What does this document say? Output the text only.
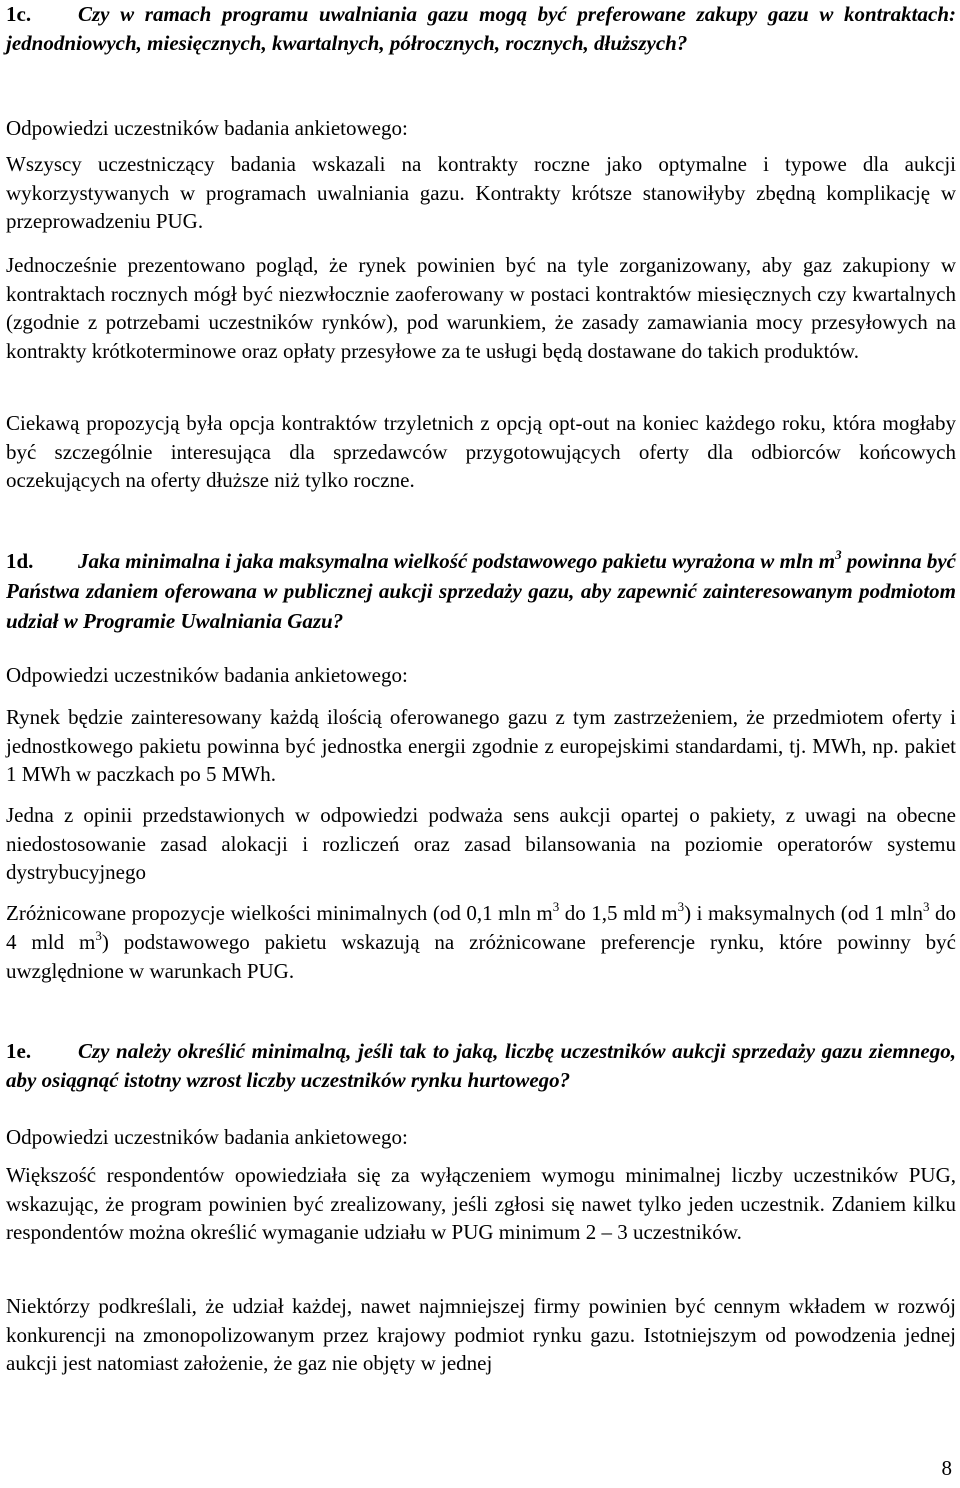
1c. Czy w ramach programu uwalniania gazu mogą być preferowane zakupy gazu w kontraktach: jednodniowych, miesięcznych, kwartalnych, półrocznych, rocznych, dłuższych?

Odpowiedzi uczestników badania ankietowego:

Wszyscy uczestniczący badania wskazali na kontrakty roczne jako optymalne i typowe dla aukcji wykorzystywanych w programach uwalniania gazu. Kontrakty krótsze stanowiłyby zbędną komplikację w przeprowadzeniu PUG.

Jednocześnie prezentowano pogląd, że rynek powinien być na tyle zorganizowany, aby gaz zakupiony w kontraktach rocznych mógł być niezwłocznie zaoferowany w postaci kontraktów miesięcznych czy kwartalnych (zgodnie z potrzebami uczestników rynków), pod warunkiem, że zasady zamawiania mocy przesyłowych na kontrakty krótkoterminowe oraz opłaty przesyłowe za te usługi będą dostawane do takich produktów.

Ciekawą propozycją była opcja kontraktów trzyletnich z opcją opt-out na koniec każdego roku, która mogłaby być szczególnie interesująca dla sprzedawców przygotowujących oferty dla odbiorców końcowych oczekujących na oferty dłuższe niż tylko roczne.

1d. Jaka minimalna i jaka maksymalna wielkość podstawowego pakietu wyrażona w mln $m^3$ powinna być Państwa zdaniem oferowana w publicznej aukcji sprzedaży gazu, aby zapewnić zainteresowanym podmiotom udział w Programie Uwalniania Gazu?

Odpowiedzi uczestników badania ankietowego:

Rynek będzie zainteresowany każdą ilością oferowanego gazu z tym zastrzeżeniem, że przedmiotem oferty i jednostkowego pakietu powinna być jednostka energii zgodnie z europejskimi standardami, tj. MWh, np. pakiet 1 MWh w paczkach po 5 MWh.

Jedna z opinii przedstawionych w odpowiedzi podważa sens aukcji opartej o pakiety, z uwagi na obecne niedostosowanie zasad alokacji i rozliczeń oraz zasad bilansowania na poziomie operatorów systemu dystrybucyjnego

Zróżnicowane propozycje wielkości minimalnych (od 0,1 mln $m^3$ do 1,5 mld $m^3$) i maksymalnych (od 1 mln$^3$ do 4 mld $m^3$) podstawowego pakietu wskazują na zróżnicowane preferencje rynku, które powinny być uwzględnione w warunkach PUG.

1e. Czy należy określić minimalną, jeśli tak to jaką, liczbę uczestników aukcji sprzedaży gazu ziemnego, aby osiągnąć istotny wzrost liczby uczestników rynku hurtowego?

Odpowiedzi uczestników badania ankietowego:

Większość respondentów opowiedziała się za wyłączeniem wymogu minimalnej liczby uczestników PUG, wskazując, że program powinien być zrealizowany, jeśli zgłosi się nawet tylko jeden uczestnik. Zdaniem kilku respondentów można określić wymaganie udziału w PUG minimum 2 – 3 uczestników.

Niektórzy podkreślali, że udział każdej, nawet najmniejszej firmy powinien być cennym wkładem w rozwój konkurencji na zmonopolizowanym przez krajowy podmiot rynku gazu. Istotniejszym od powodzenia jednej aukcji jest natomiast założenie, że gaz nie objęty w jednej

8
